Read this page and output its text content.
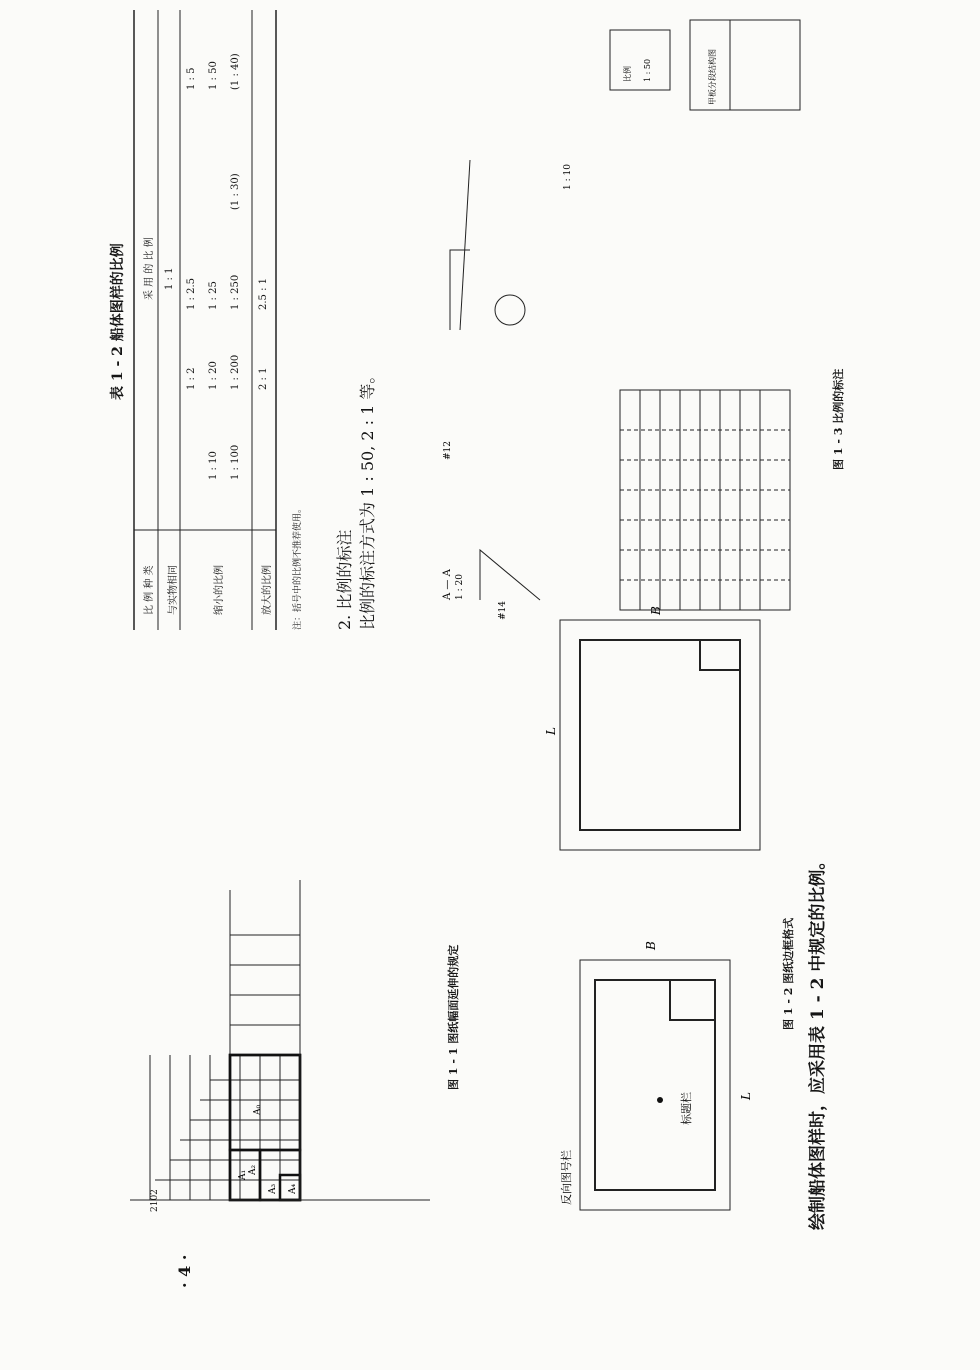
· 4 ·
绘制船体图样时，应采用表 1 - 2 中规定的比例。
A₄
A₃
A₂
A₁
A₀
2102
图 1 - 1 图纸幅面延伸的规定
标题栏
反向图号栏
L
B
L
B
图 1 - 2 图纸边框格式
表 1 - 2 船体图样的比例
比 例 种 类
采 用 的 比 例
与实物相同
1 : 1
缩小的比例
1 : 2
1 : 2.5
1 : 5
1 : 10
1 : 20
1 : 25
1 : 50
1 : 100
1 : 200
1 : 250
(1 : 30)
(1 : 40)
放大的比例
2 : 1
2.5 : 1
注：括号中的比例不推荐使用。 2. 比例的标注 比例的标注方式为 1 : 50, 2 : 1 等。	A — A 1 : 20
1 : 10
#12
#14
比例 1 : 50	甲板分段结构图
图 1 - 3 比例的标注
